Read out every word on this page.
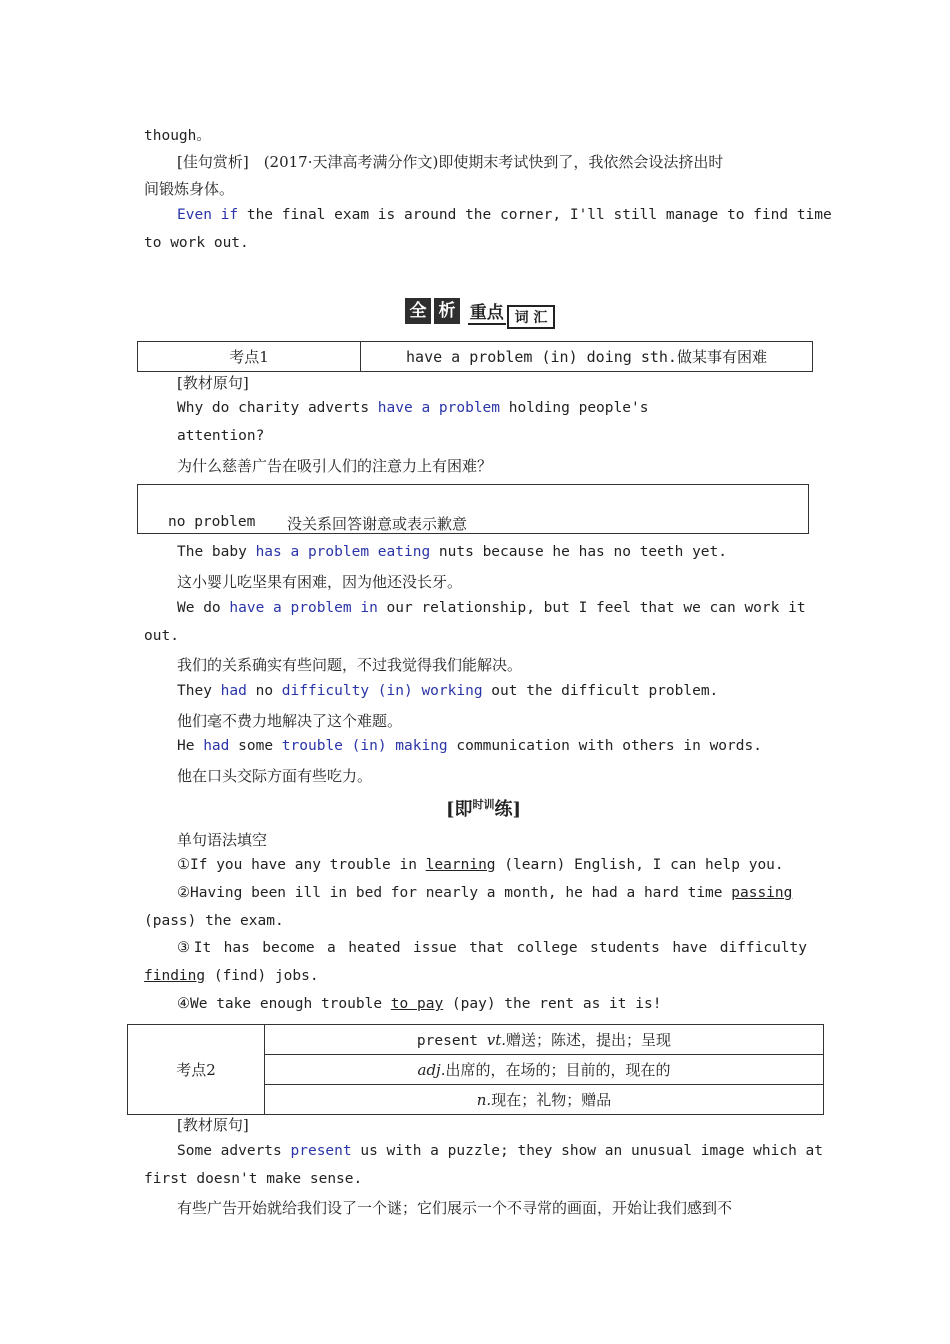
though。
[佳句赏析]　(2017·天津高考满分作文)即使期末考试快到了，我依然会设法挤出时
间锻炼身体。
Even if the final exam is around the corner, I'll still manage to find time
to work out.
全 析 重点 词 汇
考点1	have a problem (in) doing sth.做某事有困难
[教材原句]
Why do charity adverts have a problem holding people's
attention?
为什么慈善广告在吸引人们的注意力上有困难？
no problem 没关系回答谢意或表示歉意
The baby has a problem eating nuts because he has no teeth yet.
这小婴儿吃坚果有困难，因为他还没长牙。
We do have a problem in our relationship, but I feel that we can work it
out.
我们的关系确实有些问题，不过我觉得我们能解决。
They had no difficulty (in) working out the difficult problem.
他们毫不费力地解决了这个难题。
He had some trouble (in) making communication with others in words.
他在口头交际方面有些吃力。
[即$^{时训}$练]
单句语法填空
①If you have any trouble in learning (learn) English, I can help you.
②Having been ill in bed for nearly a month, he had a hard time passing
(pass) the exam.
③It has become a heated issue that college students have difficulty
finding (find) jobs.
④We take enough trouble to pay (pay) the rent as it is!
考点2	present vt.赠送；陈述，提出；呈现
adj.出席的，在场的；目前的，现在的
n.现在；礼物；赠品
[教材原句]
Some adverts present us with a puzzle; they show an unusual image which at
first doesn't make sense.
有些广告开始就给我们设了一个谜；它们展示一个不寻常的画面，开始让我们感到不
